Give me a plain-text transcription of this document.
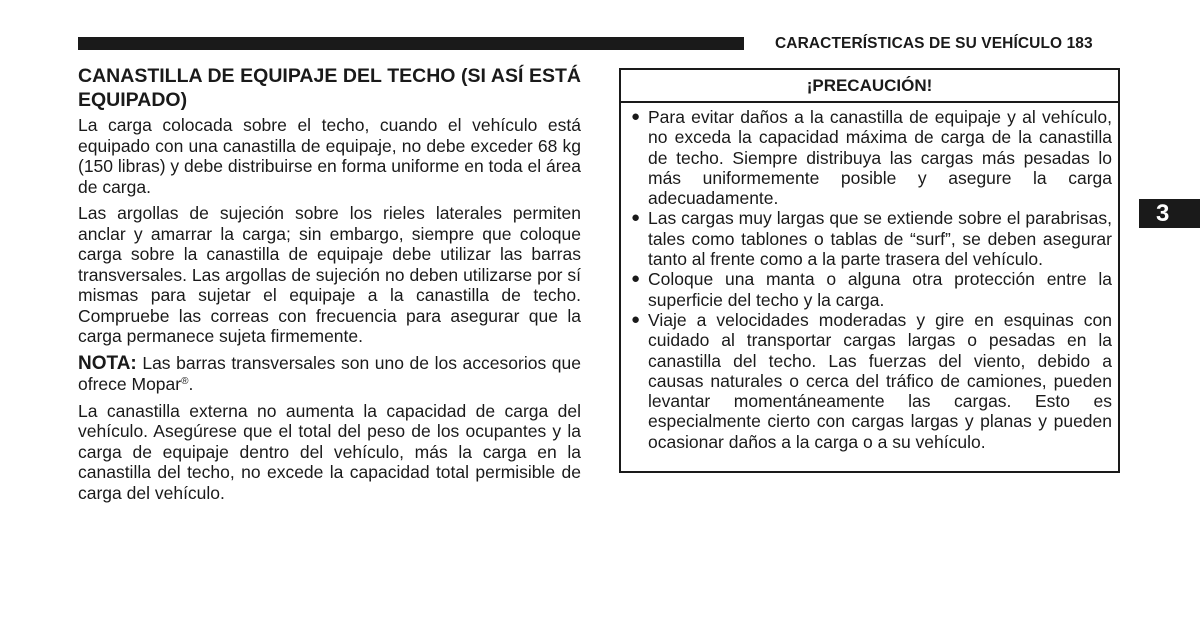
CARACTERÍSTICAS DE SU VEHÍCULO 183
CANASTILLA DE EQUIPAJE DEL TECHO (SI ASÍ ESTÁ EQUIPADO)

La carga colocada sobre el techo, cuando el vehículo está equipado con una canastilla de equipaje, no debe exceder 68 kg (150 libras) y debe distribuirse en forma uniforme en toda el área de carga.

Las argollas de sujeción sobre los rieles laterales permiten anclar y amarrar la carga; sin embargo, siempre que coloque carga sobre la canastilla de equipaje debe utilizar las barras transversales. Las argollas de sujeción no deben utilizarse por sí mismas para sujetar el equipaje a la canastilla de techo. Compruebe las correas con frecuencia para asegurar que la carga permanece sujeta firmemente.

NOTA: Las barras transversales son uno de los accesorios que ofrece Mopar®.

La canastilla externa no aumenta la capacidad de carga del vehículo. Asegúrese que el total del peso de los ocupantes y la carga de equipaje dentro del vehículo, más la carga en la canastilla del techo, no excede la capacidad total permisible de carga del vehículo.

¡PRECAUCIÓN!
● Para evitar daños a la canastilla de equipaje y al vehículo, no exceda la capacidad máxima de carga de la canastilla de techo. Siempre distribuya las cargas más pesadas lo más uniformemente posible y asegure la carga adecuadamente.
● Las cargas muy largas que se extiende sobre el parabrisas, tales como tablones o tablas de “surf”, se deben asegurar tanto al frente como a la parte trasera del vehículo.
● Coloque una manta o alguna otra protección entre la superficie del techo y la carga.
● Viaje a velocidades moderadas y gire en esquinas con cuidado al transportar cargas largas o pesadas en la canastilla del techo. Las fuerzas del viento, debido a causas naturales o cerca del tráfico de camiones, pueden levantar momentáneamente las cargas. Esto es especialmente cierto con cargas largas y planas y pueden ocasionar daños a la carga o a su vehículo.
3
